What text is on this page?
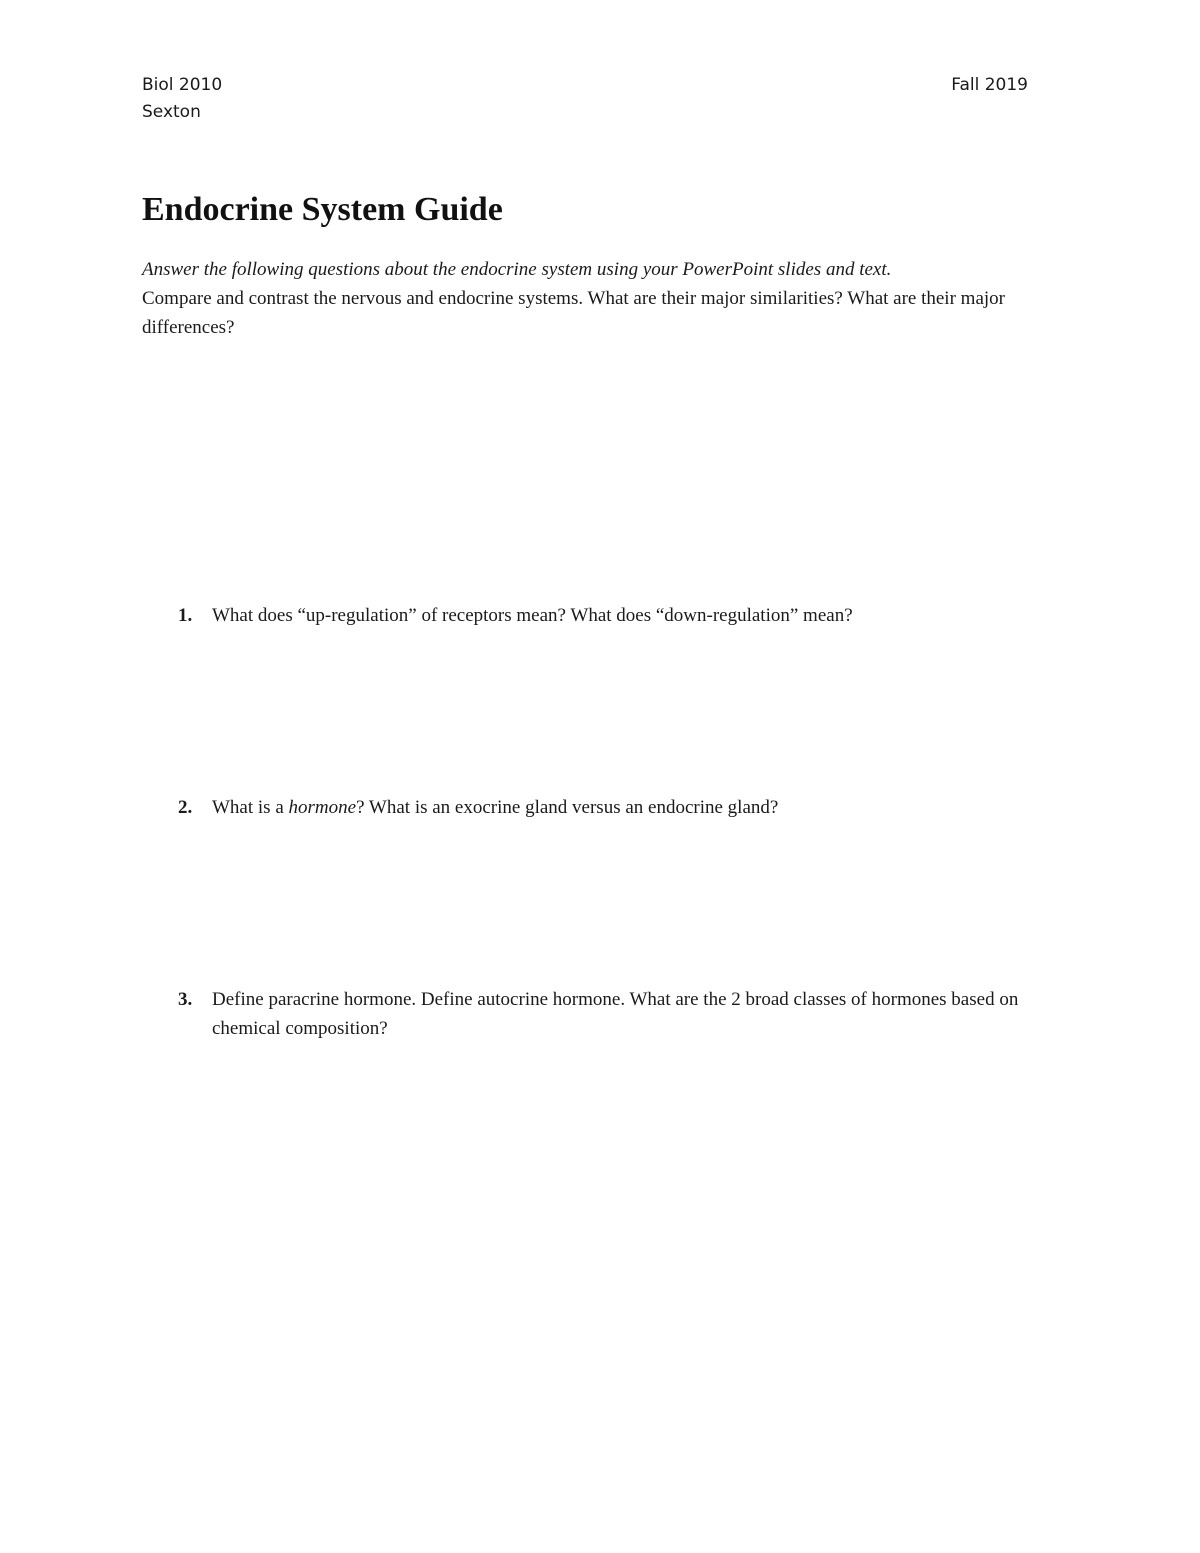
Biol 2010
Sexton
Fall 2019
Endocrine System Guide
Answer the following questions about the endocrine system using your PowerPoint slides and text.
Compare and contrast the nervous and endocrine systems. What are their major similarities? What are their major differences?
1.	What does “up-regulation” of receptors mean? What does “down-regulation” mean?
2.	What is a hormone? What is an exocrine gland versus an endocrine gland?
3.	Define paracrine hormone. Define autocrine hormone. What are the 2 broad classes of hormones based on chemical composition?
